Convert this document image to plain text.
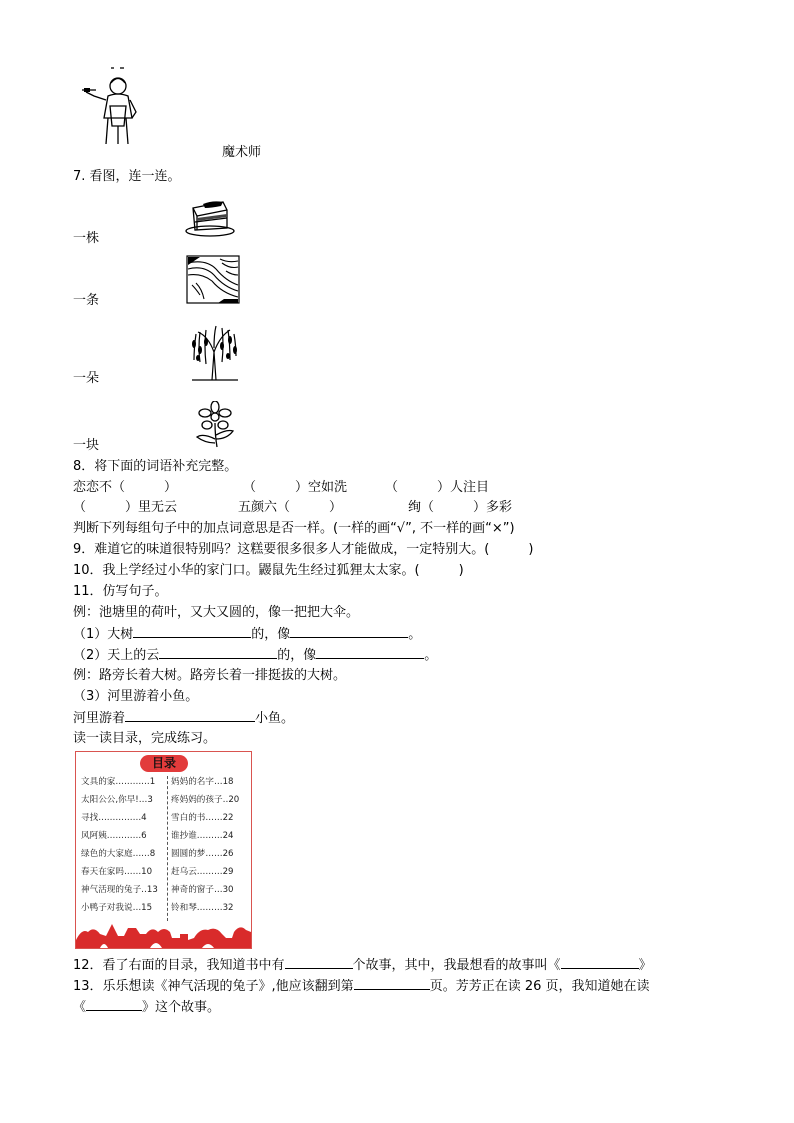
魔术师
7. 看图，连一连。
一株
一条
一朵
一块
8．将下面的词语补充完整。
恋恋不（　　　）	（　　　）空如洗	（　　　）人注目
（　　　）里无云	五颜六（　　　）	绚（　　　）多彩
判断下列每组句子中的加点词意思是否一样。(一样的画“√”, 不一样的画“×”)
9．难道它的味道很特别吗？这糕要很多很多人才能做成，一定特别大。(　　　)
10．我上学经过小华的家门口。鼹鼠先生经过狐狸太太家。(　　　)
11．仿写句子。
例：池塘里的荷叶，又大又圆的，像一把把大伞。
（1）大树	的，像	。
（2）天上的云	的，像	。
例：路旁长着大树。路旁长着一排挺拔的大树。
（3）河里游着小鱼。
河里游着	小鱼。
读一读目录，完成练习。
目录
文具的家…………1
太阳公公,你早!…3
寻找……………4
风阿姨…………6
绿色的大家庭……8
春天在家吗……10
神气活现的兔子‥13
小鸭子对我说…15
妈妈的名字…18
疼妈妈的孩子‥20
雪白的书……22
谁抄谁………24
圆圆的梦……26
赶乌云………29
神奇的窗子…30
铃和琴………32
12．看了右面的目录，我知道书中有	个故事，其中，我最想看的故事叫《	》
13．乐乐想读《神气活现的兔子》,他应该翻到第	页。芳芳正在读 26 页，我知道她在读
《	》这个故事。
